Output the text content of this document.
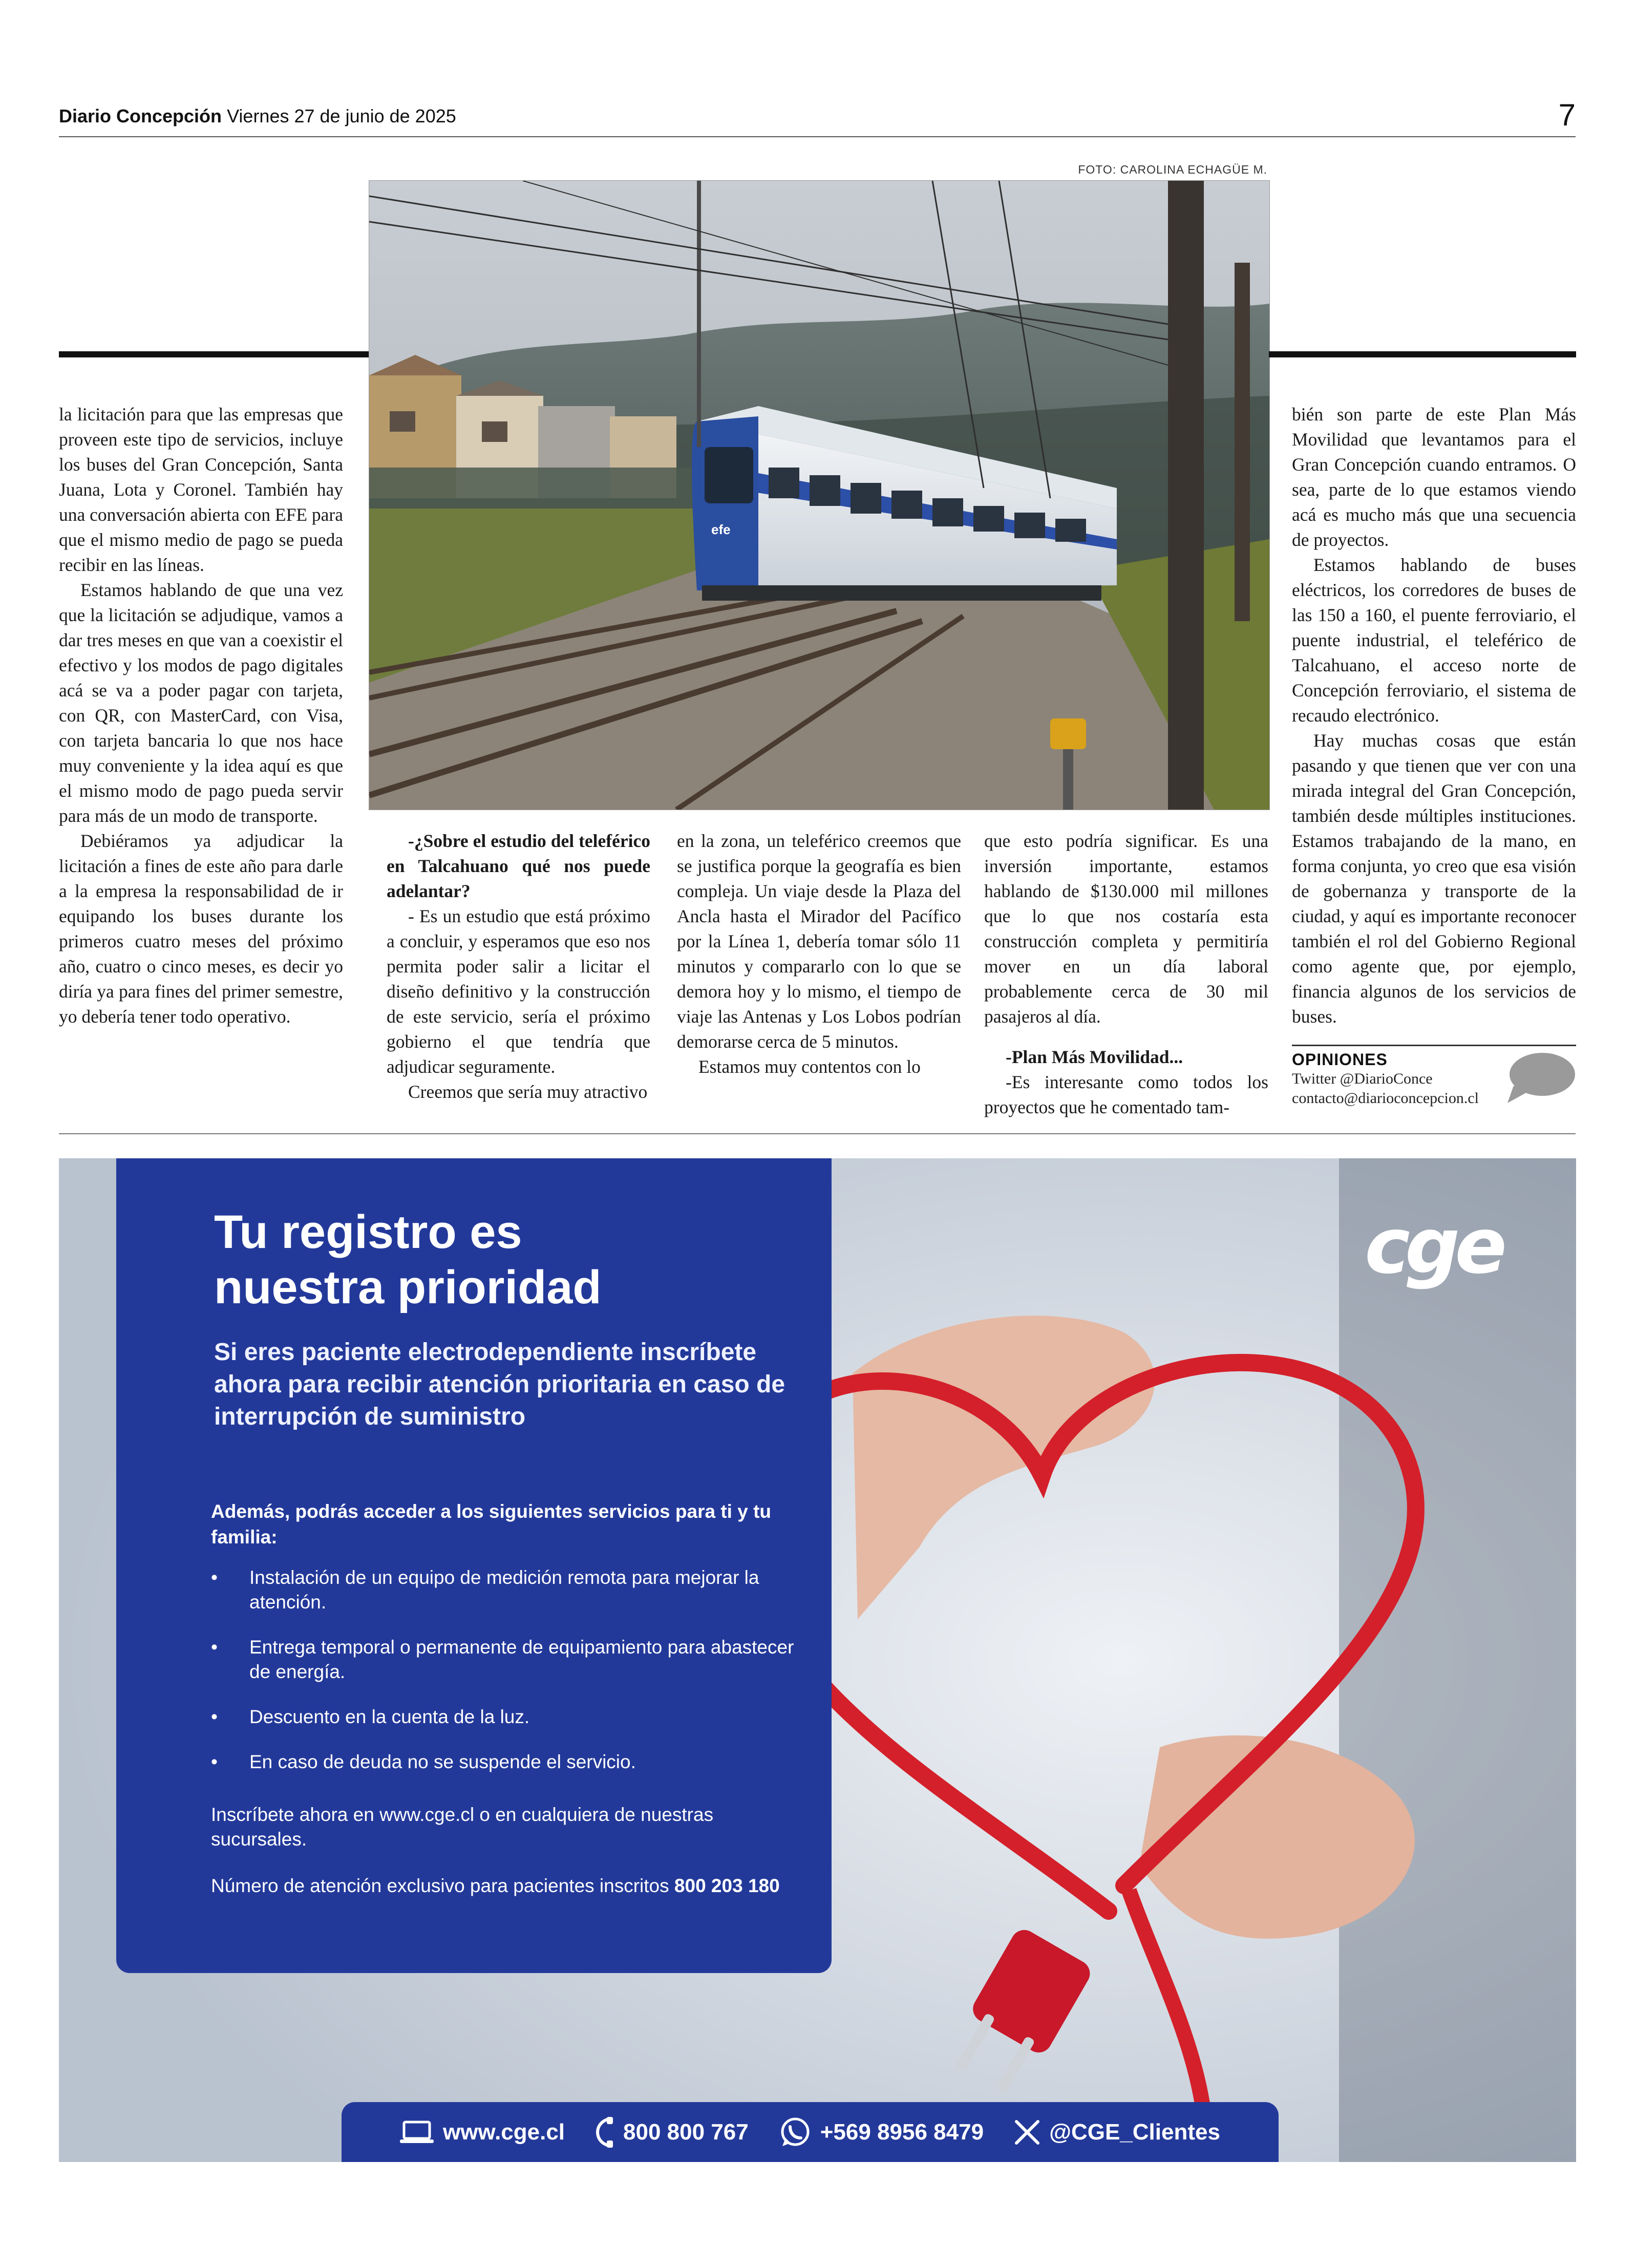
Diario Concepción Viernes 27 de junio de 2025	7
FOTO: CAROLINA ECHAGÜE M.
efe

la licitación para que las empresas que proveen este tipo de servicios, incluye los buses del Gran Concepción, Santa Juana, Lota y Coronel. También hay una conversación abierta con EFE para que el mismo medio de pago se pueda recibir en las líneas.

Estamos hablando de que una vez que la licitación se adjudique, vamos a dar tres meses en que van a coexistir el efectivo y los modos de pago digitales acá se va a poder pagar con tarjeta, con QR, con MasterCard, con Visa, con tarjeta bancaria lo que nos hace muy conveniente y la idea aquí es que el mismo modo de pago pueda servir para más de un modo de transporte.

Debiéramos ya adjudicar la licitación a fines de este año para darle a la empresa la responsabilidad de ir equipando los buses durante los primeros cuatro meses del próximo año, cuatro o cinco meses, es decir yo diría ya para fines del primer semestre, yo debería tener todo operativo.

-¿Sobre el estudio del teleférico en Talcahuano qué nos puede adelantar?

- Es un estudio que está próximo a concluir, y esperamos que eso nos permita poder salir a licitar el diseño definitivo y la construcción de este servicio, sería el próximo gobierno el que tendría que adjudicar seguramente.

Creemos que sería muy atractivo

en la zona, un teleférico creemos que se justifica porque la geografía es bien compleja. Un viaje desde la Plaza del Ancla hasta el Mirador del Pacífico por la Línea 1, debería tomar sólo 11 minutos y compararlo con lo que se demora hoy y lo mismo, el tiempo de viaje las Antenas y Los Lobos podrían demorarse cerca de 5 minutos.

Estamos muy contentos con lo

que esto podría significar. Es una inversión importante, estamos hablando de $130.000 mil millones que lo que nos costaría esta construcción completa y permitiría mover en un día laboral probablemente cerca de 30 mil pasajeros al día.

-Plan Más Movilidad...

-Es interesante como todos los proyectos que he comentado tam-

bién son parte de este Plan Más Movilidad que levantamos para el Gran Concepción cuando entramos. O sea, parte de lo que estamos viendo acá es mucho más que una secuencia de proyectos.

Estamos hablando de buses eléctricos, los corredores de buses de las 150 a 160, el puente ferroviario, el puente industrial, el teleférico de Talcahuano, el acceso norte de Concepción ferroviario, el sistema de recaudo electrónico.

Hay muchas cosas que están pasando y que tienen que ver con una mirada integral del Gran Concepción, también desde múltiples instituciones. Estamos trabajando de la mano, en forma conjunta, yo creo que esa visión de gobernanza y transporte de la ciudad, y aquí es importante reconocer también el rol del Gobierno Regional como agente que, por ejemplo, financia algunos de los servicios de buses.

OPINIONES
Twitter @DiarioConce
contacto@diarioconcepcion.cl
Tu registro es
nuestra prioridad
Si eres paciente electrodependiente inscríbete ahora para recibir atención prioritaria en caso de interrupción de suministro
Además, podrás acceder a los siguientes servicios para ti y tu familia:
• Instalación de un equipo de medición remota para mejorar la atención.
• Entrega temporal o permanente de equipamiento para abastecer de energía.
• Descuento en la cuenta de la luz.
• En caso de deuda no se suspende el servicio.
Inscríbete ahora en www.cge.cl o en cualquiera de nuestras sucursales.
Número de atención exclusivo para pacientes inscritos 800 203 180
cge
www.cge.cl	800 800 767	+569 8956 8479	@CGE_Clientes
